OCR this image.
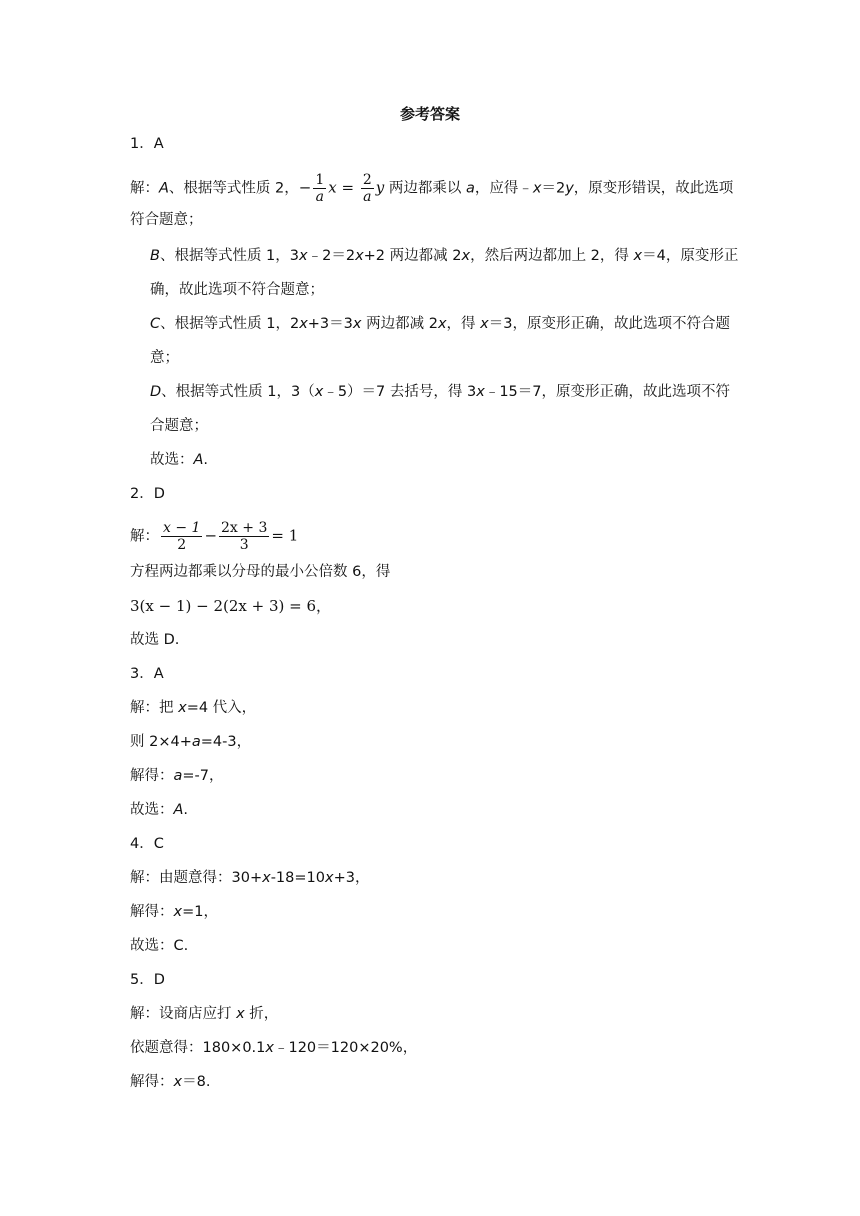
参考答案
1．A
解：A、根据等式性质 2，− $\frac{1}{a}$ $x = \frac{2}{a}$ y 两边都乘以 a，应得﹣x＝2y，原变形错误，故此选项
符合题意；
B、根据等式性质 1，3x﹣2＝2x+2 两边都减 2x，然后两边都加上 2，得 x＝4，原变形正
确，故此选项不符合题意；
C、根据等式性质 1，2x+3＝3x 两边都减 2x，得 x＝3，原变形正确，故此选项不符合题
意；
D、根据等式性质 1，3（x﹣5）＝7 去括号，得 3x﹣15＝7，原变形正确，故此选项不符
合题意；
故选：A.
2．D
解： $\frac{x - 1}{2} - \frac{2x + 3}{3} = 1$
方程两边都乘以分母的最小公倍数 6，得
3(x − 1) − 2(2x + 3) = 6，
故选 D.
3．A
解：把 x=4 代入，
则 2×4+a=4-3，
解得：a=-7，
故选：A.
4．C
解：由题意得：30+x-18=10x+3，
解得：x=1，
故选：C.
5．D
解：设商店应打 x 折，
依题意得：180×0.1x﹣120＝120×20%，
解得：x＝8.
